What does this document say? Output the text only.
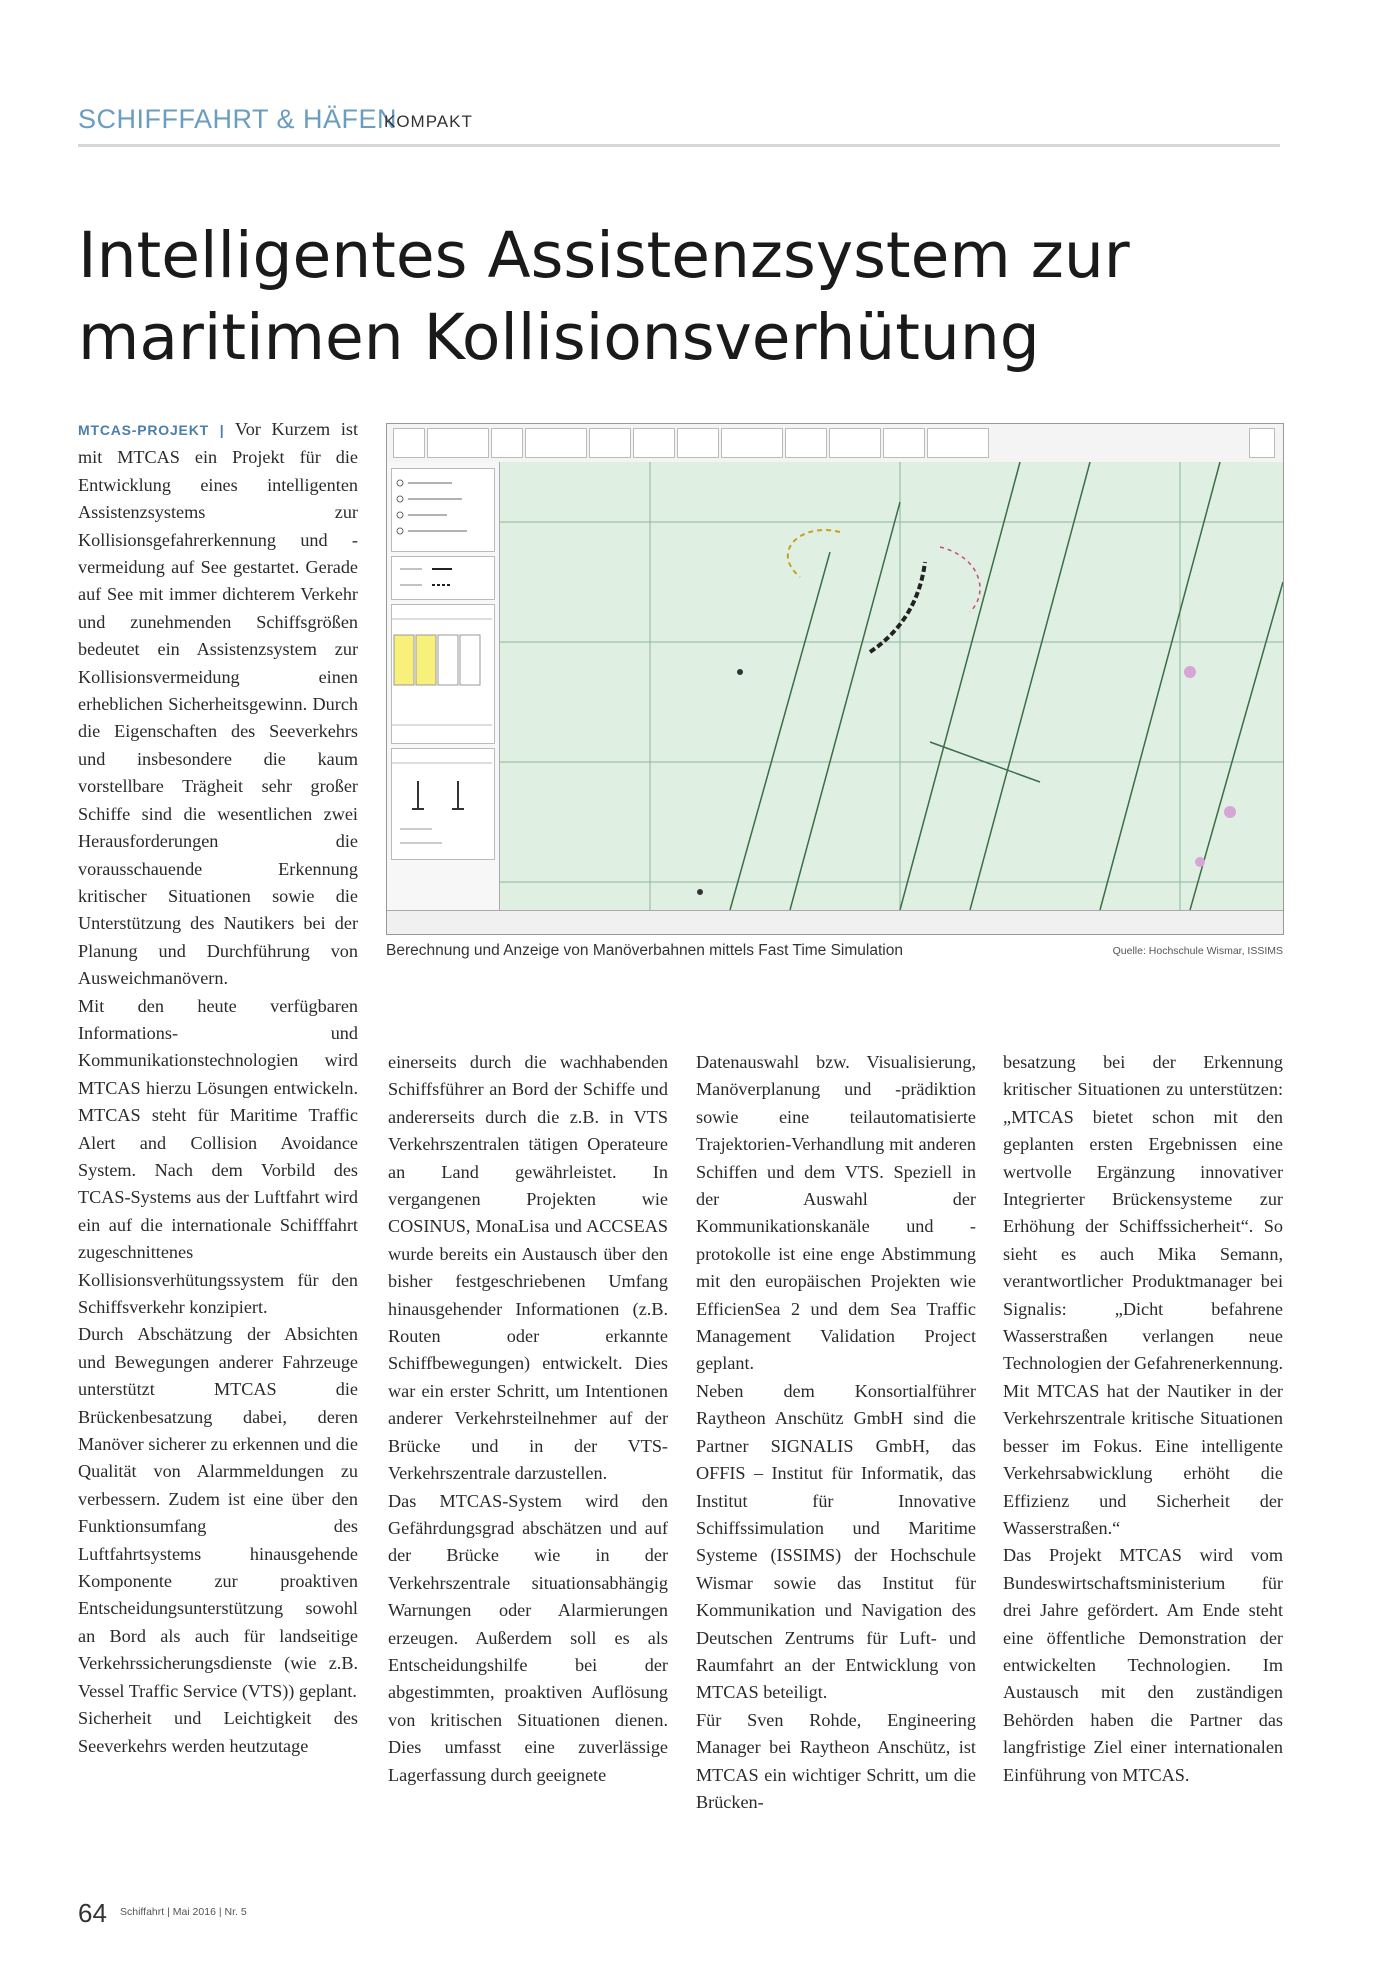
SCHIFFFAHRT & HÄFEN
KOMPAKT
Intelligentes Assistenzsystem zur
maritimen Kollisionsverhütung

MTCAS-PROJEKT | Vor Kurzem ist mit MTCAS ein Projekt für die Entwicklung eines intelligenten Assistenzsystems zur Kollisionsgefahrerkennung und -vermeidung auf See gestartet. Gerade auf See mit immer dichterem Verkehr und zunehmenden Schiffsgrößen bedeutet ein Assistenzsystem zur Kollisionsvermeidung einen erheblichen Sicherheitsgewinn. Durch die Eigenschaften des Seeverkehrs und insbesondere die kaum vorstellbare Trägheit sehr großer Schiffe sind die wesentlichen zwei Herausforderungen die vorausschauende Erkennung kritischer Situationen sowie die Unterstützung des Nautikers bei der Planung und Durchführung von Ausweichmanövern.

Mit den heute verfügbaren Informations- und Kommunikationstechnologien wird MTCAS hierzu Lösungen entwickeln. MTCAS steht für Maritime Traffic Alert and Collision Avoidance System. Nach dem Vorbild des TCAS-Systems aus der Luftfahrt wird ein auf die internationale Schifffahrt zugeschnittenes Kollisionsverhütungssystem für den Schiffsverkehr konzipiert.

Durch Abschätzung der Absichten und Bewegungen anderer Fahrzeuge unterstützt MTCAS die Brückenbesatzung dabei, deren Manöver sicherer zu erkennen und die Qualität von Alarmmeldungen zu verbessern. Zudem ist eine über den Funktionsumfang des Luftfahrtsystems hinausgehende Komponente zur proaktiven Entscheidungsunterstützung sowohl an Bord als auch für landseitige Verkehrssicherungsdienste (wie z.B. Vessel Traffic Service (VTS)) geplant.

Sicherheit und Leichtigkeit des Seeverkehrs werden heutzutage

einerseits durch die wachhabenden Schiffsführer an Bord der Schiffe und andererseits durch die z.B. in VTS Verkehrszentralen tätigen Operateure an Land gewährleistet. In vergangenen Projekten wie COSINUS, MonaLisa und ACCSEAS wurde bereits ein Austausch über den bisher festgeschriebenen Umfang hinausgehender Informationen (z.B. Routen oder erkannte Schiffbewegungen) entwickelt. Dies war ein erster Schritt, um Intentionen anderer Verkehrsteilnehmer auf der Brücke und in der VTS-Verkehrszentrale darzustellen.

Das MTCAS-System wird den Gefährdungsgrad abschätzen und auf der Brücke wie in der Verkehrszentrale situationsabhängig Warnungen oder Alarmierungen erzeugen. Außerdem soll es als Entscheidungshilfe bei der abgestimmten, proaktiven Auflösung von kritischen Situationen dienen. Dies umfasst eine zuverlässige Lagerfassung durch geeignete

Datenauswahl bzw. Visualisierung, Manöverplanung und -prädiktion sowie eine teilautomatisierte Trajektorien-Verhandlung mit anderen Schiffen und dem VTS. Speziell in der Auswahl der Kommunikationskanäle und -protokolle ist eine enge Abstimmung mit den europäischen Projekten wie EfficienSea 2 und dem Sea Traffic Management Validation Project geplant.

Neben dem Konsortialführer Raytheon Anschütz GmbH sind die Partner SIGNALIS GmbH, das OFFIS – Institut für Informatik, das Institut für Innovative Schiffssimulation und Maritime Systeme (ISSIMS) der Hochschule Wismar sowie das Institut für Kommunikation und Navigation des Deutschen Zentrums für Luft- und Raumfahrt an der Entwicklung von MTCAS beteiligt.

Für Sven Rohde, Engineering Manager bei Raytheon Anschütz, ist MTCAS ein wichtiger Schritt, um die Brücken-

besatzung bei der Erkennung kritischer Situationen zu unterstützen: „MTCAS bietet schon mit den geplanten ersten Ergebnissen eine wertvolle Ergänzung innovativer Integrierter Brückensysteme zur Erhöhung der Schiffssicherheit“. So sieht es auch Mika Semann, verantwortlicher Produktmanager bei Signalis: „Dicht befahrene Wasserstraßen verlangen neue Technologien der Gefahrenerkennung. Mit MTCAS hat der Nautiker in der Verkehrszentrale kritische Situationen besser im Fokus. Eine intelligente Verkehrsabwicklung erhöht die Effizienz und Sicherheit der Wasserstraßen.“

Das Projekt MTCAS wird vom Bundeswirtschaftsministerium für drei Jahre gefördert. Am Ende steht eine öffentliche Demonstration der entwickelten Technologien. Im Austausch mit den zuständigen Behörden haben die Partner das langfristige Ziel einer internationalen Einführung von MTCAS.

Berechnung und Anzeige von Manöverbahnen mittels Fast Time Simulation	Quelle: Hochschule Wismar, ISSIMS
64 Schiffahrt | Mai 2016 | Nr. 5
